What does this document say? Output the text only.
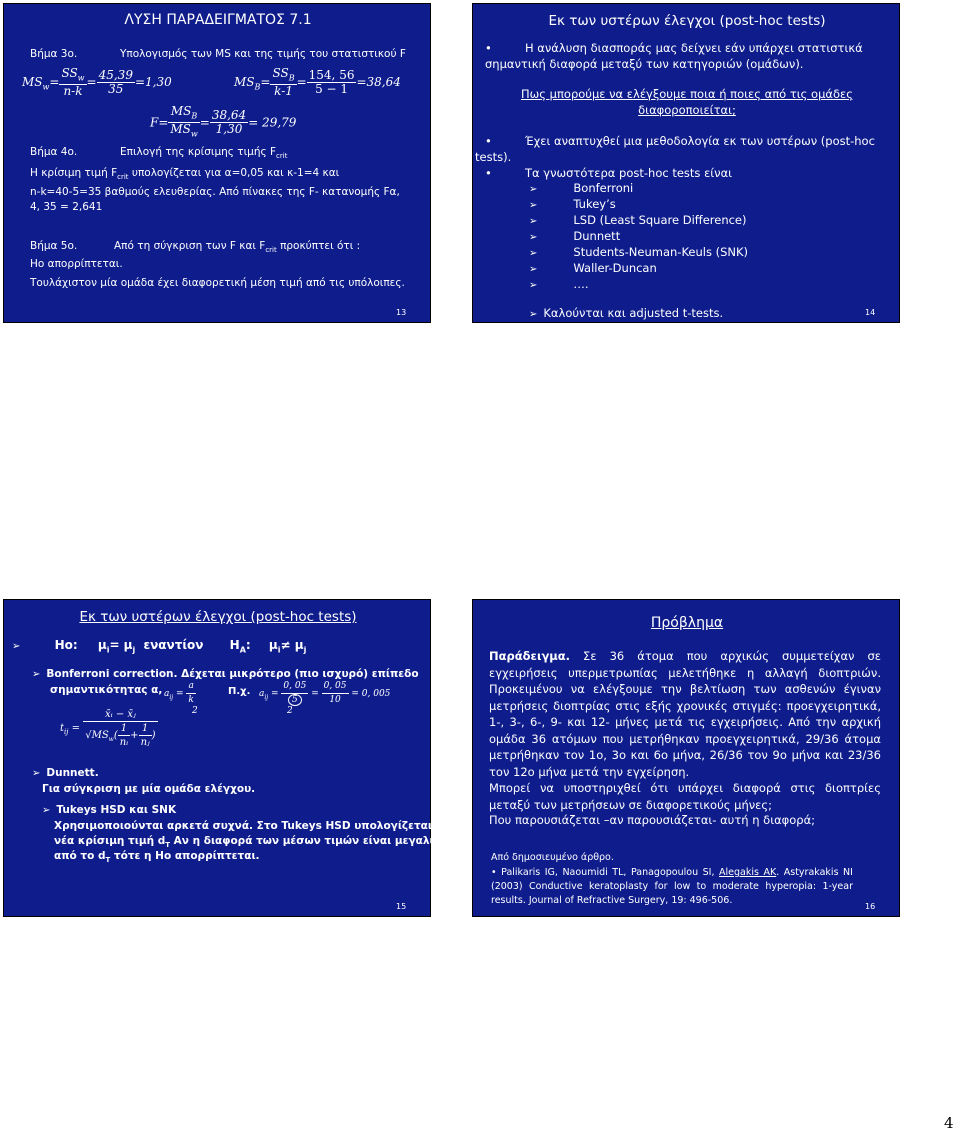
ΛΥΣΗ ΠΑΡΑΔΕΙΓΜΑΤΟΣ 7.1
Βήμα 3ο.	Υπολογισμός των MS και της τιμής του στατιστικού F
$MS_w= \frac{SS_w}{n-k} = \frac{45,39}{35} =1,30$	$MS_B= \frac{SS_B}{k-1} = \frac{154, 56}{5 - 1} =38,64$
$F= \frac{MS_B}{MS_w} = \frac{38,64}{1,30} = 29,79$
Βήμα 4ο.	Επιλογή της κρίσιμης τιμής $F_{crit}$
Η κρίσιμη τιμή $F_{crit}$ υπολογίζεται για α=0,05 και κ-1=4 και
n-k=40-5=35 βαθμούς ελευθερίας. Από πίνακες της F- κατανομής Fα,
4, 35 = 2,641
Βήμα 5ο.	Από τη σύγκριση των F και $F_{crit}$ προκύπτει ότι :
Ho απορρίπτεται.
Τουλάχιστον μία ομάδα έχει διαφορετική μέση τιμή από τις υπόλοιπες.
13
Εκ των υστέρων έλεγχοι (post-hoc tests)
•	Η ανάλυση διασποράς μας δείχνει εάν υπάρχει στατιστικά
σημαντική διαφορά μεταξύ των κατηγοριών (ομάδων).
Πως μπορούμε να ελέγξουμε ποια ή ποιες από τις ομάδες
διαφοροποιείται;
•	Έχει αναπτυχθεί μια μεθοδολογία εκ των υστέρων (post-hoc
tests).
•	Τα γνωστότερα post-hoc tests είναι
➢	Bonferroni
➢	Tukey’s
➢	LSD (Least Square Difference)
➢	Dunnett
➢	Students-Neuman-Keuls (SNK)
➢	Waller-Duncan
➢	….
➢ Καλούνται και adjusted t-tests.	14
Εκ των υστέρων έλεγχοι (post-hoc tests)
➢	Ho: $\mu_i= \mu_j$ εναντίον $H_A$: $\mu_i\ne \mu_j$
➢ Bonferroni correction. Δέχεται μικρότερο (πιο ισχυρό) επίπεδο
σημαντικότητας α, $a_{ij} = \frac{a}{k}$	Π.χ. $a_{ij} = \frac{0, 05}{5} = \frac{0, 05}{10} = 0$, 005
$t_{ij} = \frac{\text{x̄ᵢ − x̄ⱼ}}{√MS_w( \frac{1}{\text{nᵢ}} + \frac{1}{\text{nⱼ}} )}$	2	2
➢ Dunnett.
Για σύγκριση με μία ομάδα ελέγχου.
➢ Tukeys HSD και SNK
Χρησιμοποιούνται αρκετά συχνά. Στο Tukeys HSD υπολογίζεται μια
νέα κρίσιμη τιμή $d_T$ Αν η διαφορά των μέσων τιμών είναι μεγαλύτερη
από το $d_T$ τότε η Ho απορρίπτεται.
15
Πρόβλημα
Παράδειγμα. Σε 36 άτομα που αρχικώς συμμετείχαν σε εγχειρήσεις υπερμετρωπίας μελετήθηκε η αλλαγή διοπτριών. Προκειμένου να ελέγξουμε την βελτίωση των ασθενών έγιναν μετρήσεις διοπτρίας στις εξής χρονικές στιγμές: προεγχειρητικά, 1-, 3-, 6-, 9- και 12- μήνες μετά τις εγχειρήσεις. Από την αρχική ομάδα 36 ατόμων που μετρήθηκαν προεγχειρητικά, 29/36 άτομα μετρήθηκαν τον 1ο, 3ο και 6ο μήνα, 26/36 τον 9ο μήνα και 23/36 τον 12ο μήνα μετά την εγχείρηση.
Μπορεί να υποστηριχθεί ότι υπάρχει διαφορά στις διοπτρίες μεταξύ των μετρήσεων σε διαφορετικούς μήνες;
Που παρουσιάζεται –αν παρουσιάζεται- αυτή η διαφορά;
Από δημοσιευμένο άρθρο.
• Palikaris IG, Naoumidi TL, Panagopoulou SI, Alegakis AK. Astyrakakis NI (2003) Conductive keratoplasty for low to moderate hyperopia: 1-year results. Journal of Refractive Surgery, 19: 496-506.
16
4
